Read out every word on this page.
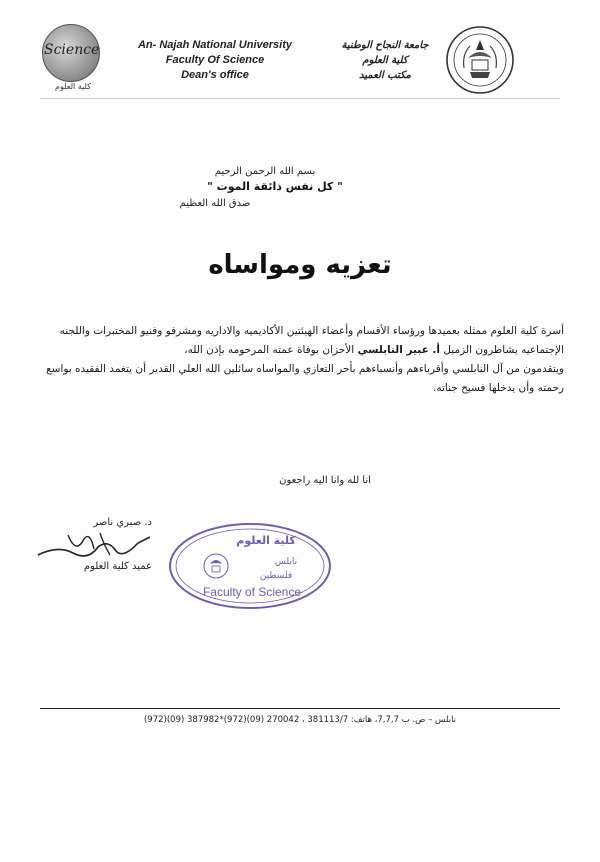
Science
كلية العلوم
An- Najah National University
Faculty Of Science
Dean's office
جامعة النجاح الوطنية
كلية العلوم
مكتب العميد
بسم الله الرحمن الرحيم
" كل نفس ذائقة الموت "
صدق الله العظيم
تعزيه ومواساه

أسرة كلية العلوم ممثله بعميدها ورؤساء الأقسام وأعضاء الهيئتين الأكاديميه والاداريه ومشرفو وفنيو المختبرات واللجنه الإجتماعيه يشاطرون الزميل أ. عبير النابلسي الأحزان بوفاة عمته المرحومه بإذن الله،

ويتقدمون من آل النابلسي وأقرباءهم وأنسباءهم بأحر التعازي والمواساه سائلين الله العلي القدير أن يتغمد الفقيده بواسع رحمته وأن يدخلها فسيح جناته.

انا لله وانا اليه راجعون
د. صبري ناصر
عميد كلية العلوم
كلية العلوم
نابلس
فلسطين
Faculty of Science
نابلس – ص. ب 7,7,7، هاتف: 381113/7 ، 270042 (09)(972)*387982 (09)(972)
